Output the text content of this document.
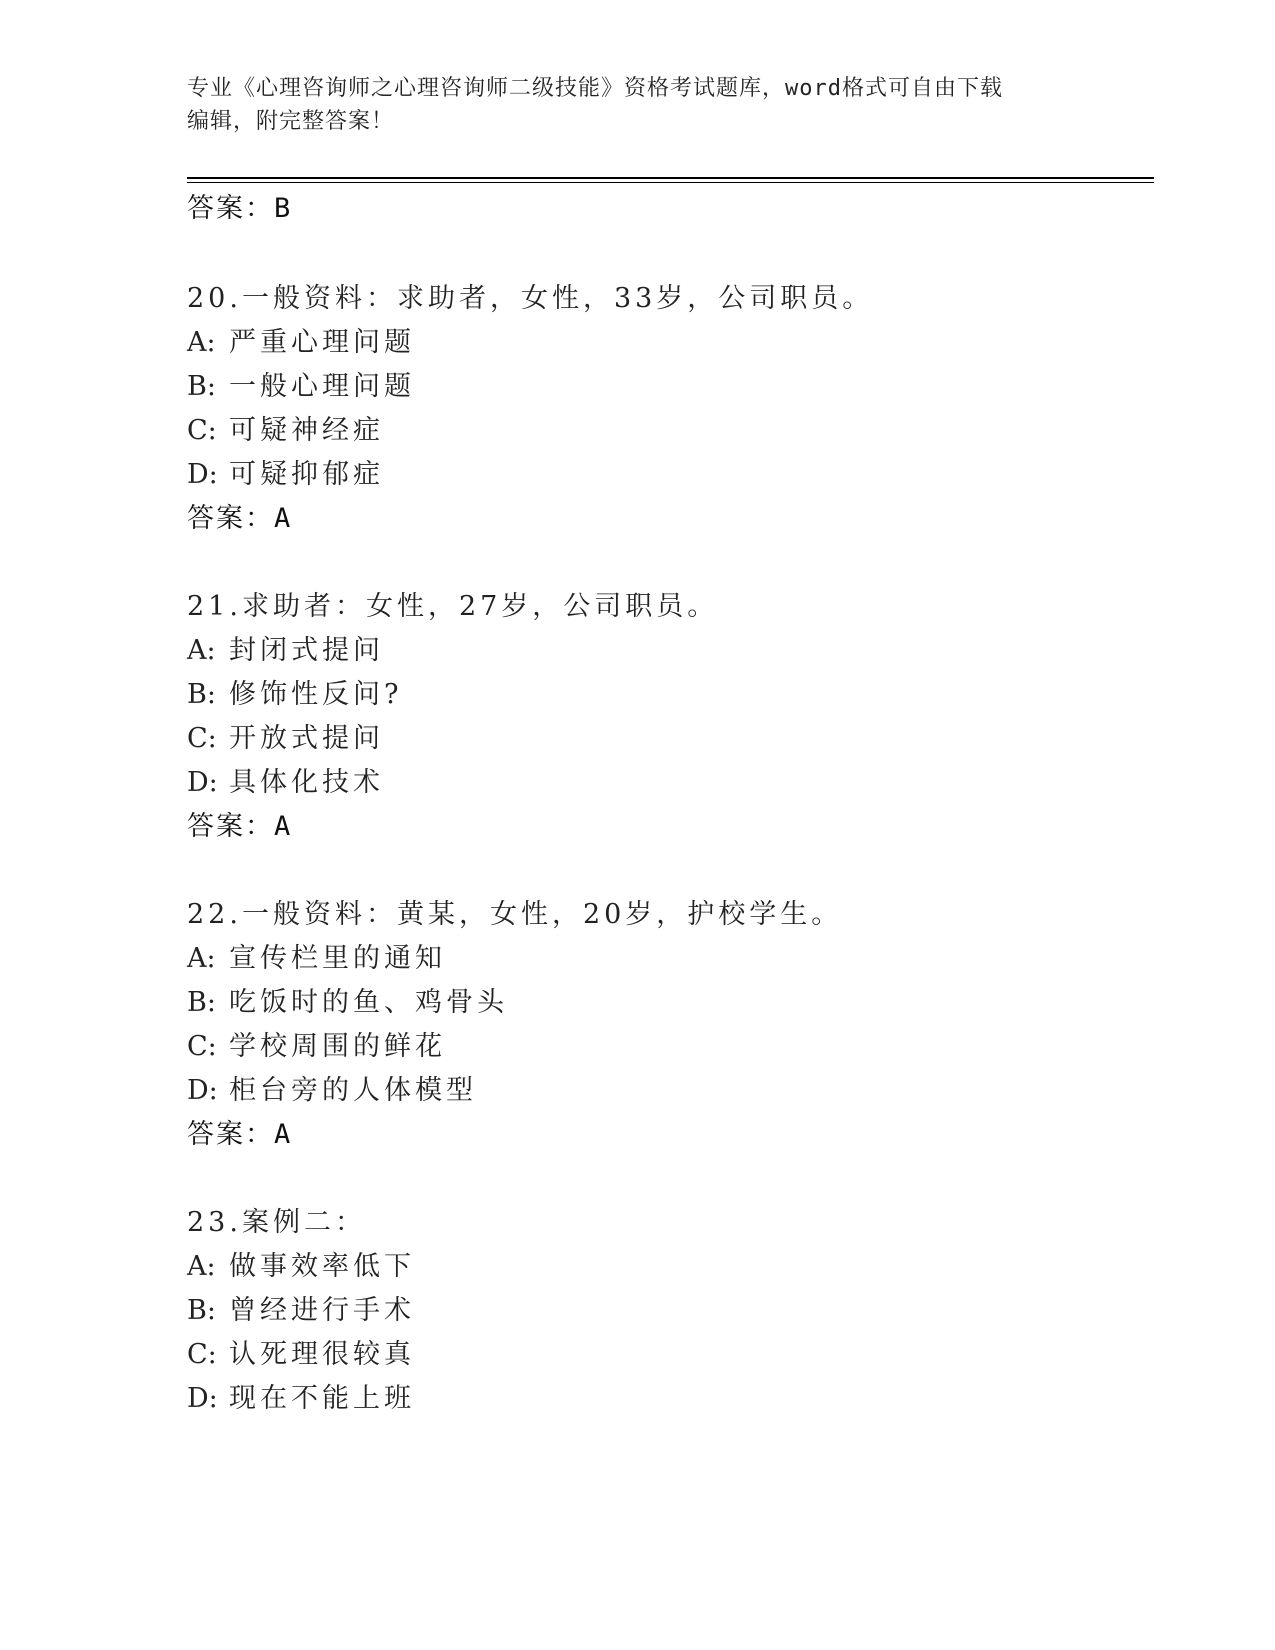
专业《心理咨询师之心理咨询师二级技能》资格考试题库，word格式可自由下载
编辑，附完整答案！
答案：B
20.一般资料：求助者，女性，33岁，公司职员。
A: 严重心理问题
B: 一般心理问题
C: 可疑神经症
D: 可疑抑郁症
答案：A
21.求助者：女性，27岁，公司职员。
A: 封闭式提问
B: 修饰性反问?
C: 开放式提问
D: 具体化技术
答案：A
22.一般资料：黄某，女性，20岁，护校学生。
A: 宣传栏里的通知
B: 吃饭时的鱼、鸡骨头
C: 学校周围的鲜花
D: 柜台旁的人体模型
答案：A
23.案例二：
A: 做事效率低下
B: 曾经进行手术
C: 认死理很较真
D: 现在不能上班
